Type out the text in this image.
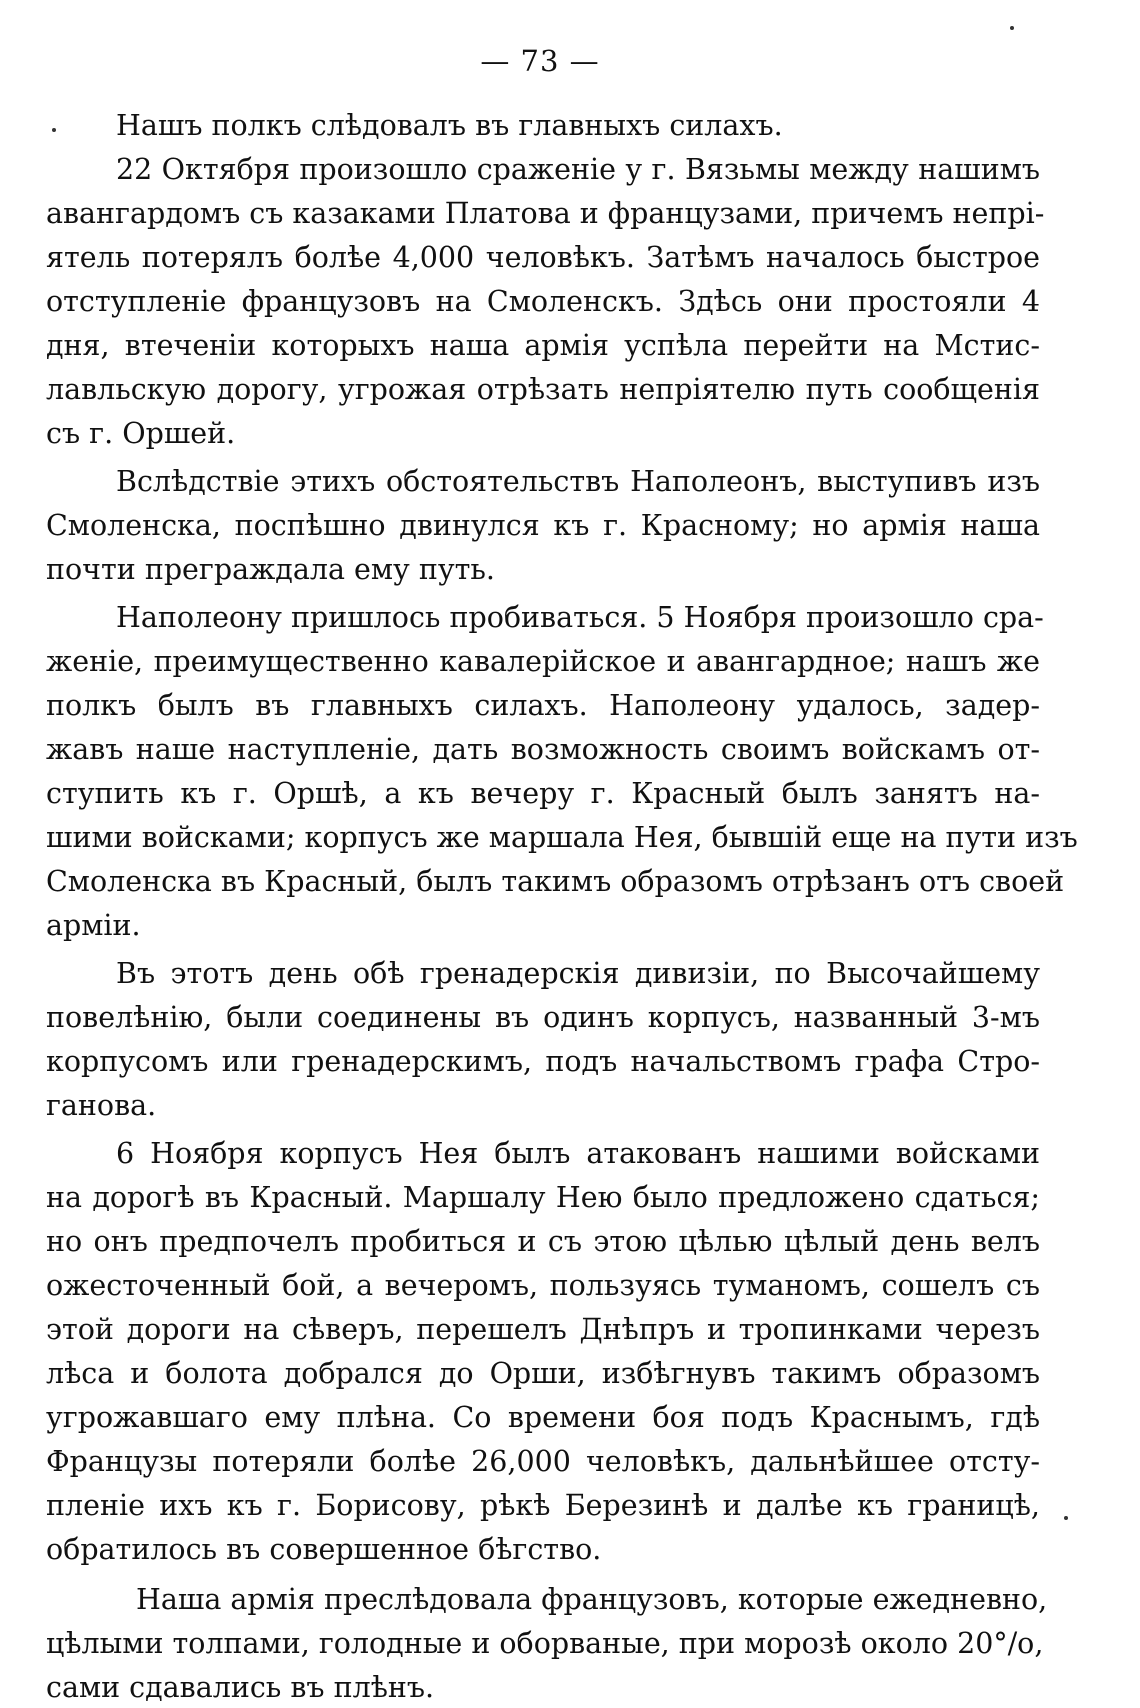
— 73 —
Нашъ полкъ слѣдовалъ въ главныхъ силахъ.
22 Октября произошло сраженіе у г. Вязьмы между нашимъ
авангардомъ съ казаками Платова и французами, причемъ непрі-
ятель потерялъ болѣе 4,000 человѣкъ. Затѣмъ началось быстрое
отступленіе французовъ на Смоленскъ. Здѣсь они простояли 4
дня, втеченіи которыхъ наша армія успѣла перейти на Мстис-
лавльскую дорогу, угрожая отрѣзать непріятелю путь сообщенія
съ г. Оршей.
Вслѣдствіе этихъ обстоятельствъ Наполеонъ, выступивъ изъ
Смоленска, поспѣшно двинулся къ г. Красному; но армія наша
почти преграждала ему путь.
Наполеону пришлось пробиваться. 5 Ноября произошло сра-
женіе, преимущественно кавалерійское и авангардное; нашъ же
полкъ былъ въ главныхъ силахъ. Наполеону удалось, задер-
жавъ наше наступленіе, дать возможность своимъ войскамъ от-
ступить къ г. Оршѣ, а къ вечеру г. Красный былъ занятъ на-
шими войсками; корпусъ же маршала Нея, бывшій еще на пути изъ
Смоленска въ Красный, былъ такимъ образомъ отрѣзанъ отъ своей
арміи.
Въ этотъ день обѣ гренадерскія дивизіи, по Высочайшему
повелѣнію, были соединены въ одинъ корпусъ, названный 3-мъ
корпусомъ или гренадерскимъ, подъ начальствомъ графа Стро-
ганова.
6 Ноября корпусъ Нея былъ атакованъ нашими войсками
на дорогѣ въ Красный. Маршалу Нею было предложено сдаться;
но онъ предпочелъ пробиться и съ этою цѣлью цѣлый день велъ
ожесточенный бой, а вечеромъ, пользуясь туманомъ, сошелъ съ
этой дороги на сѣверъ, перешелъ Днѣпръ и тропинками черезъ
лѣса и болота добрался до Орши, избѣгнувъ такимъ образомъ
угрожавшаго ему плѣна. Со времени боя подъ Краснымъ, гдѣ
Французы потеряли болѣе 26,000 человѣкъ, дальнѣйшее отсту-
пленіе ихъ къ г. Борисову, рѣкѣ Березинѣ и далѣе къ границѣ,
обратилось въ совершенное бѣгство.
Наша армія преслѣдовала французовъ, которые ежедневно,
цѣлыми толпами, голодные и оборваные, при морозѣ около 20°/о,
сами сдавались въ плѣнъ.
